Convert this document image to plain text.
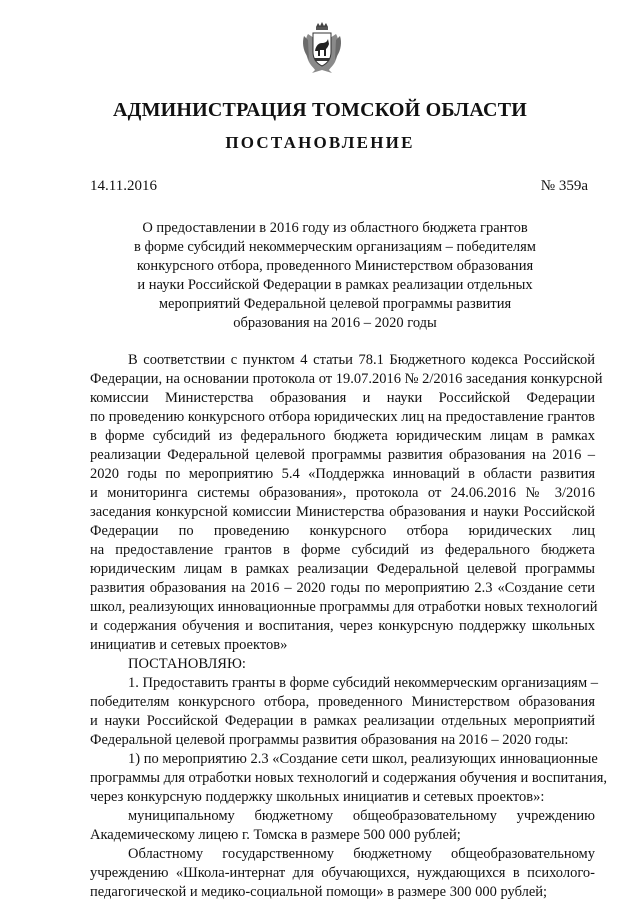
АДМИНИСТРАЦИЯ ТОМСКОЙ ОБЛАСТИ
ПОСТАНОВЛЕНИЕ
14.11.2016	№ 359а
О предоставлении в 2016 году из областного бюджета грантов
в форме субсидий некоммерческим организациям – победителям
конкурсного отбора, проведенного Министерством образования
и науки Российской Федерации в рамках реализации отдельных
мероприятий Федеральной целевой программы развития
образования на 2016 – 2020 годы
В соответствии с пунктом 4 статьи 78.1 Бюджетного кодекса Российской
Федерации, на основании протокола от 19.07.2016 № 2/2016 заседания конкурсной
комиссии Министерства образования и науки Российской Федерации
по проведению конкурсного отбора юридических лиц на предоставление грантов
в форме субсидий из федерального бюджета юридическим лицам в рамках
реализации Федеральной целевой программы развития образования на 2016 –
2020 годы по мероприятию 5.4 «Поддержка инноваций в области развития
и мониторинга системы образования», протокола от 24.06.2016 № 3/2016
заседания конкурсной комиссии Министерства образования и науки Российской
Федерации по проведению конкурсного отбора юридических лиц
на предоставление грантов в форме субсидий из федерального бюджета
юридическим лицам в рамках реализации Федеральной целевой программы
развития образования на 2016 – 2020 годы по мероприятию 2.3 «Создание сети
школ, реализующих инновационные программы для отработки новых технологий
и содержания обучения и воспитания, через конкурсную поддержку школьных
инициатив и сетевых проектов»
ПОСТАНОВЛЯЮ:
1. Предоставить гранты в форме субсидий некоммерческим организациям –
победителям конкурсного отбора, проведенного Министерством образования
и науки Российской Федерации в рамках реализации отдельных мероприятий
Федеральной целевой программы развития образования на 2016 – 2020 годы:
1) по мероприятию 2.3 «Создание сети школ, реализующих инновационные
программы для отработки новых технологий и содержания обучения и воспитания,
через конкурсную поддержку школьных инициатив и сетевых проектов»:
муниципальному бюджетному общеобразовательному учреждению
Академическому лицею г. Томска в размере 500 000 рублей;
Областному государственному бюджетному общеобразовательному
учреждению «Школа-интернат для обучающихся, нуждающихся в психолого-
педагогической и медико-социальной помощи» в размере 300 000 рублей;
